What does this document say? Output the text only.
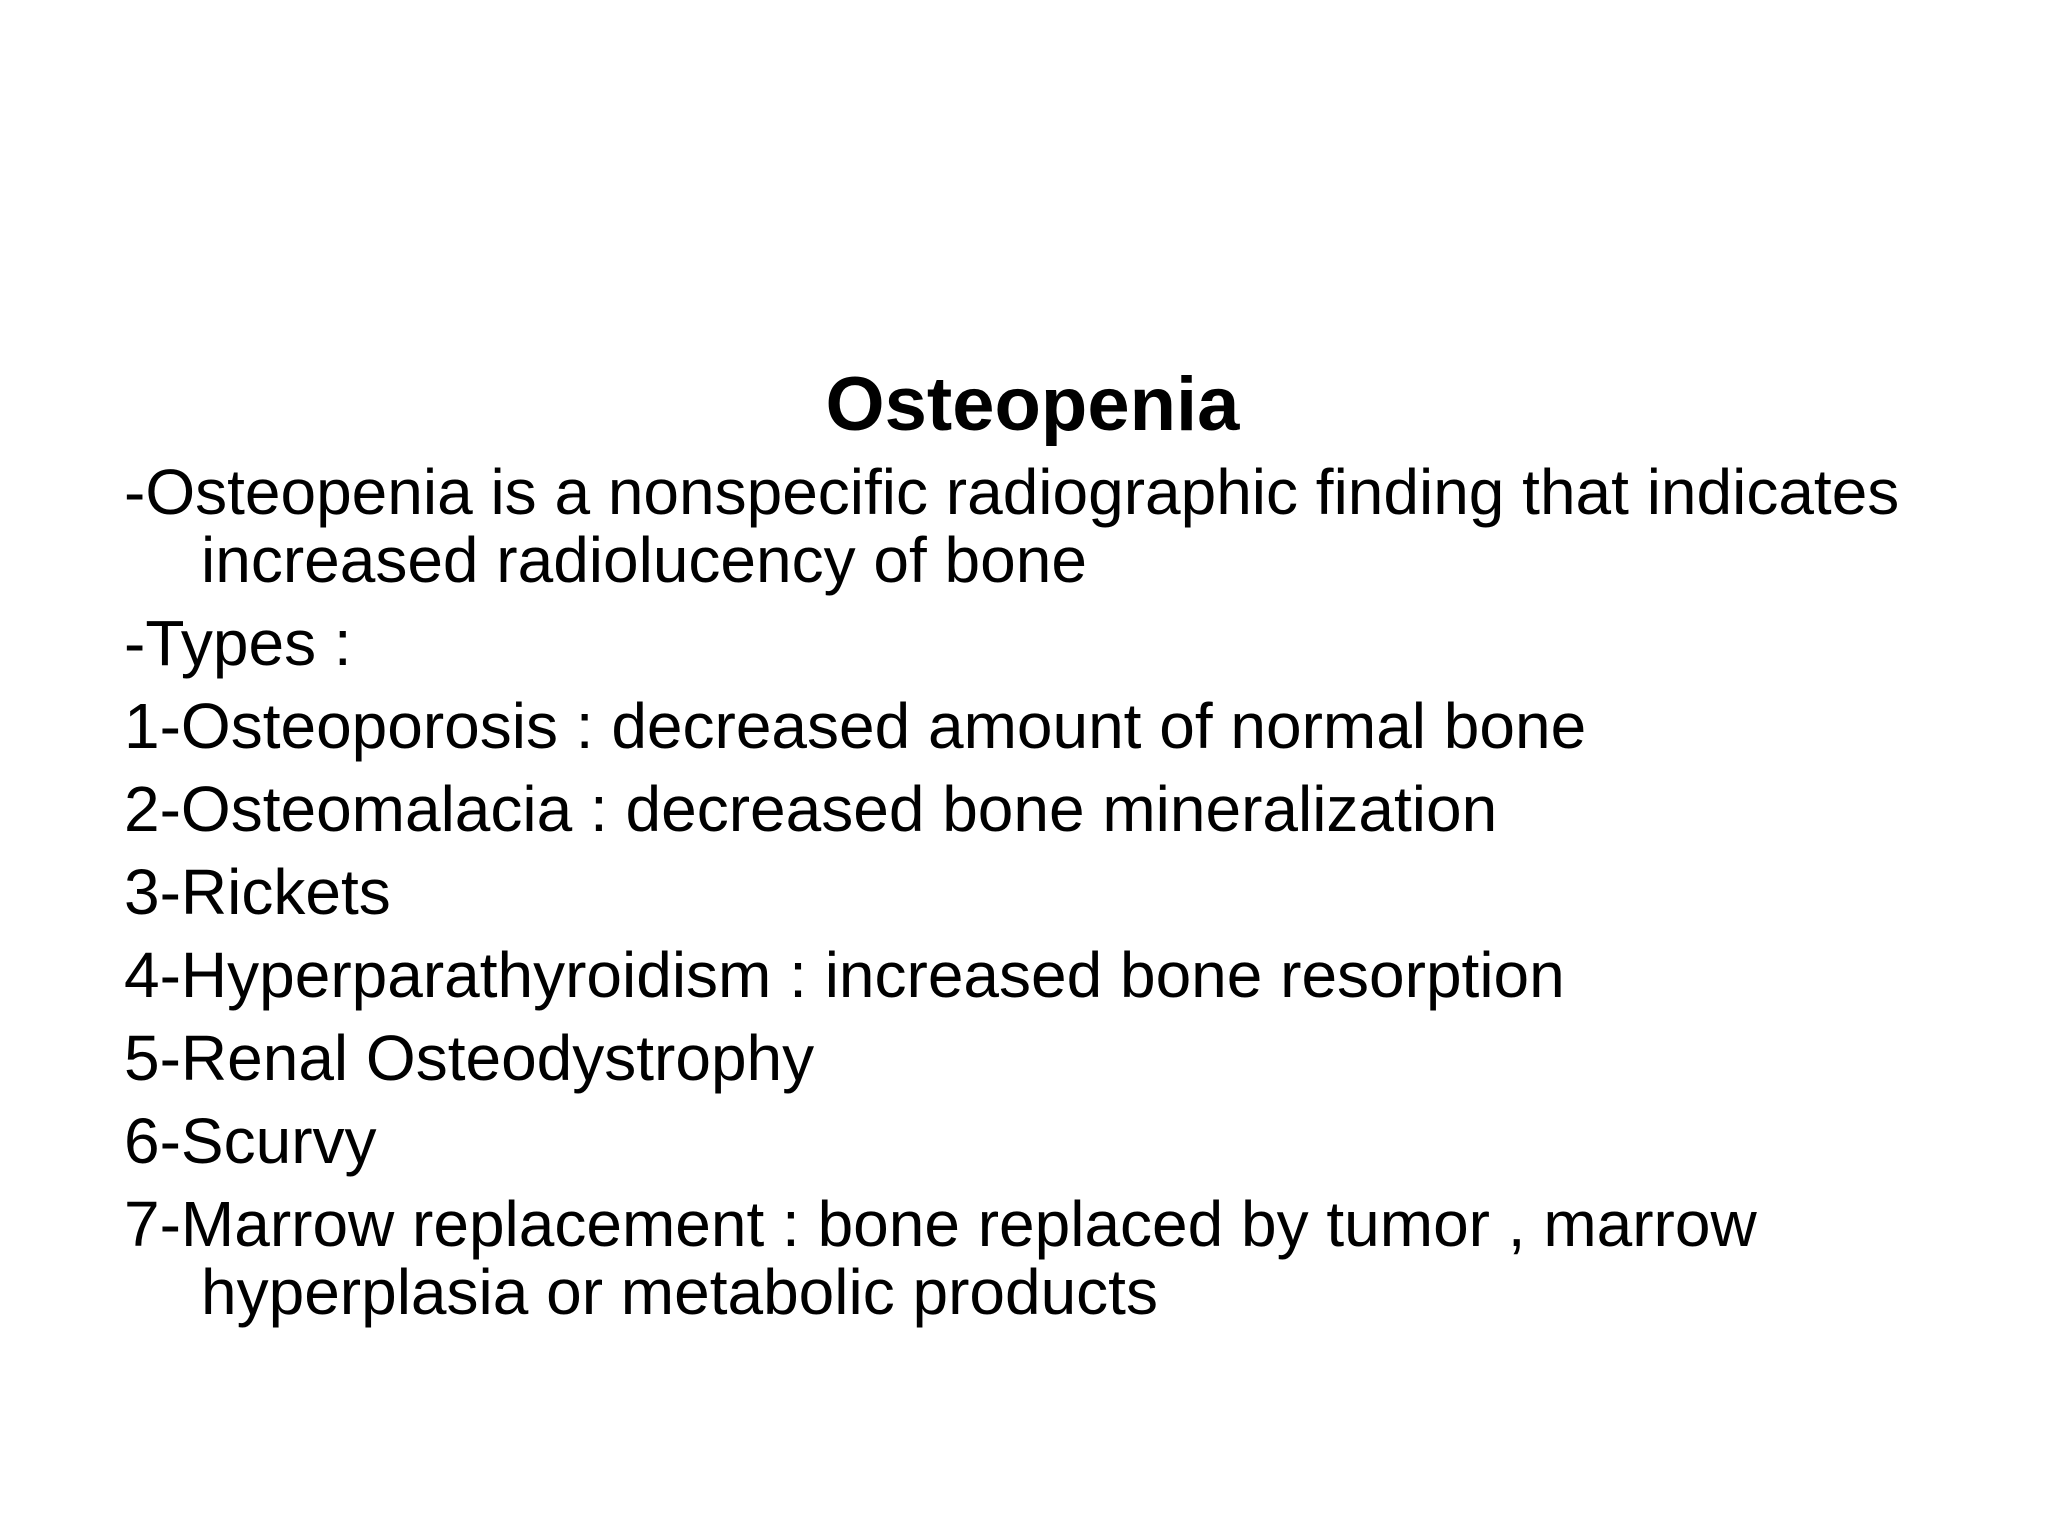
Osteopenia
-Osteopenia is a nonspecific radiographic finding that indicates increased radiolucency of bone
-Types :
1-Osteoporosis : decreased amount of normal bone
2-Osteomalacia : decreased bone mineralization
3-Rickets
4-Hyperparathyroidism : increased bone resorption
5-Renal Osteodystrophy
6-Scurvy
7-Marrow replacement : bone replaced by tumor , marrow hyperplasia or metabolic products
